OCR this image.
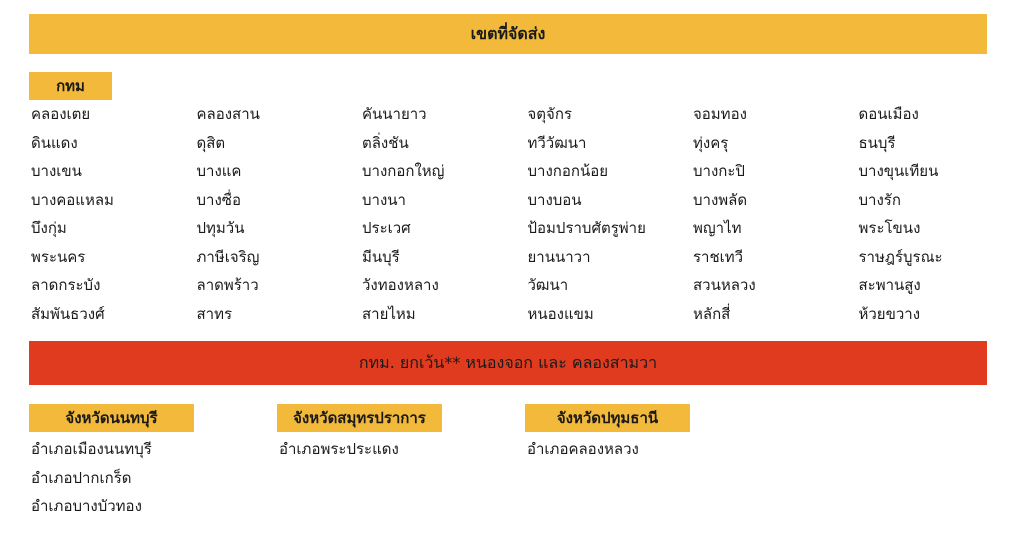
เขตที่จัดส่ง
กทม
คลองเตย	คลองสาน	คันนายาว	จตุจักร	จอมทอง	ดอนเมือง
ดินแดง	ดุสิต	ตลิ่งชัน	ทวีวัฒนา	ทุ่งครุ	ธนบุรี
บางเขน	บางแค	บางกอกใหญ่	บางกอกน้อย	บางกะปิ	บางขุนเทียน
บางคอแหลม	บางซื่อ	บางนา	บางบอน	บางพลัด	บางรัก
บึงกุ่ม	ปทุมวัน	ประเวศ	ป้อมปราบศัตรูพ่าย	พญาไท	พระโขนง
พระนคร	ภาษีเจริญ	มีนบุรี	ยานนาวา	ราชเทวี	ราษฎร์บูรณะ
ลาดกระบัง	ลาดพร้าว	วังทองหลาง	วัฒนา	สวนหลวง	สะพานสูง
สัมพันธวงศ์	สาทร	สายไหม	หนองแขม	หลักสี่	ห้วยขวาง
กทม. ยกเว้น** หนองจอก และ คลองสามวา
จังหวัดนนทบุรี
อำเภอเมืองนนทบุรี
อำเภอปากเกร็ด
อำเภอบางบัวทอง
จังหวัดสมุทรปราการ
อำเภอพระประแดง
จังหวัดปทุมธานี
อำเภอคลองหลวง
